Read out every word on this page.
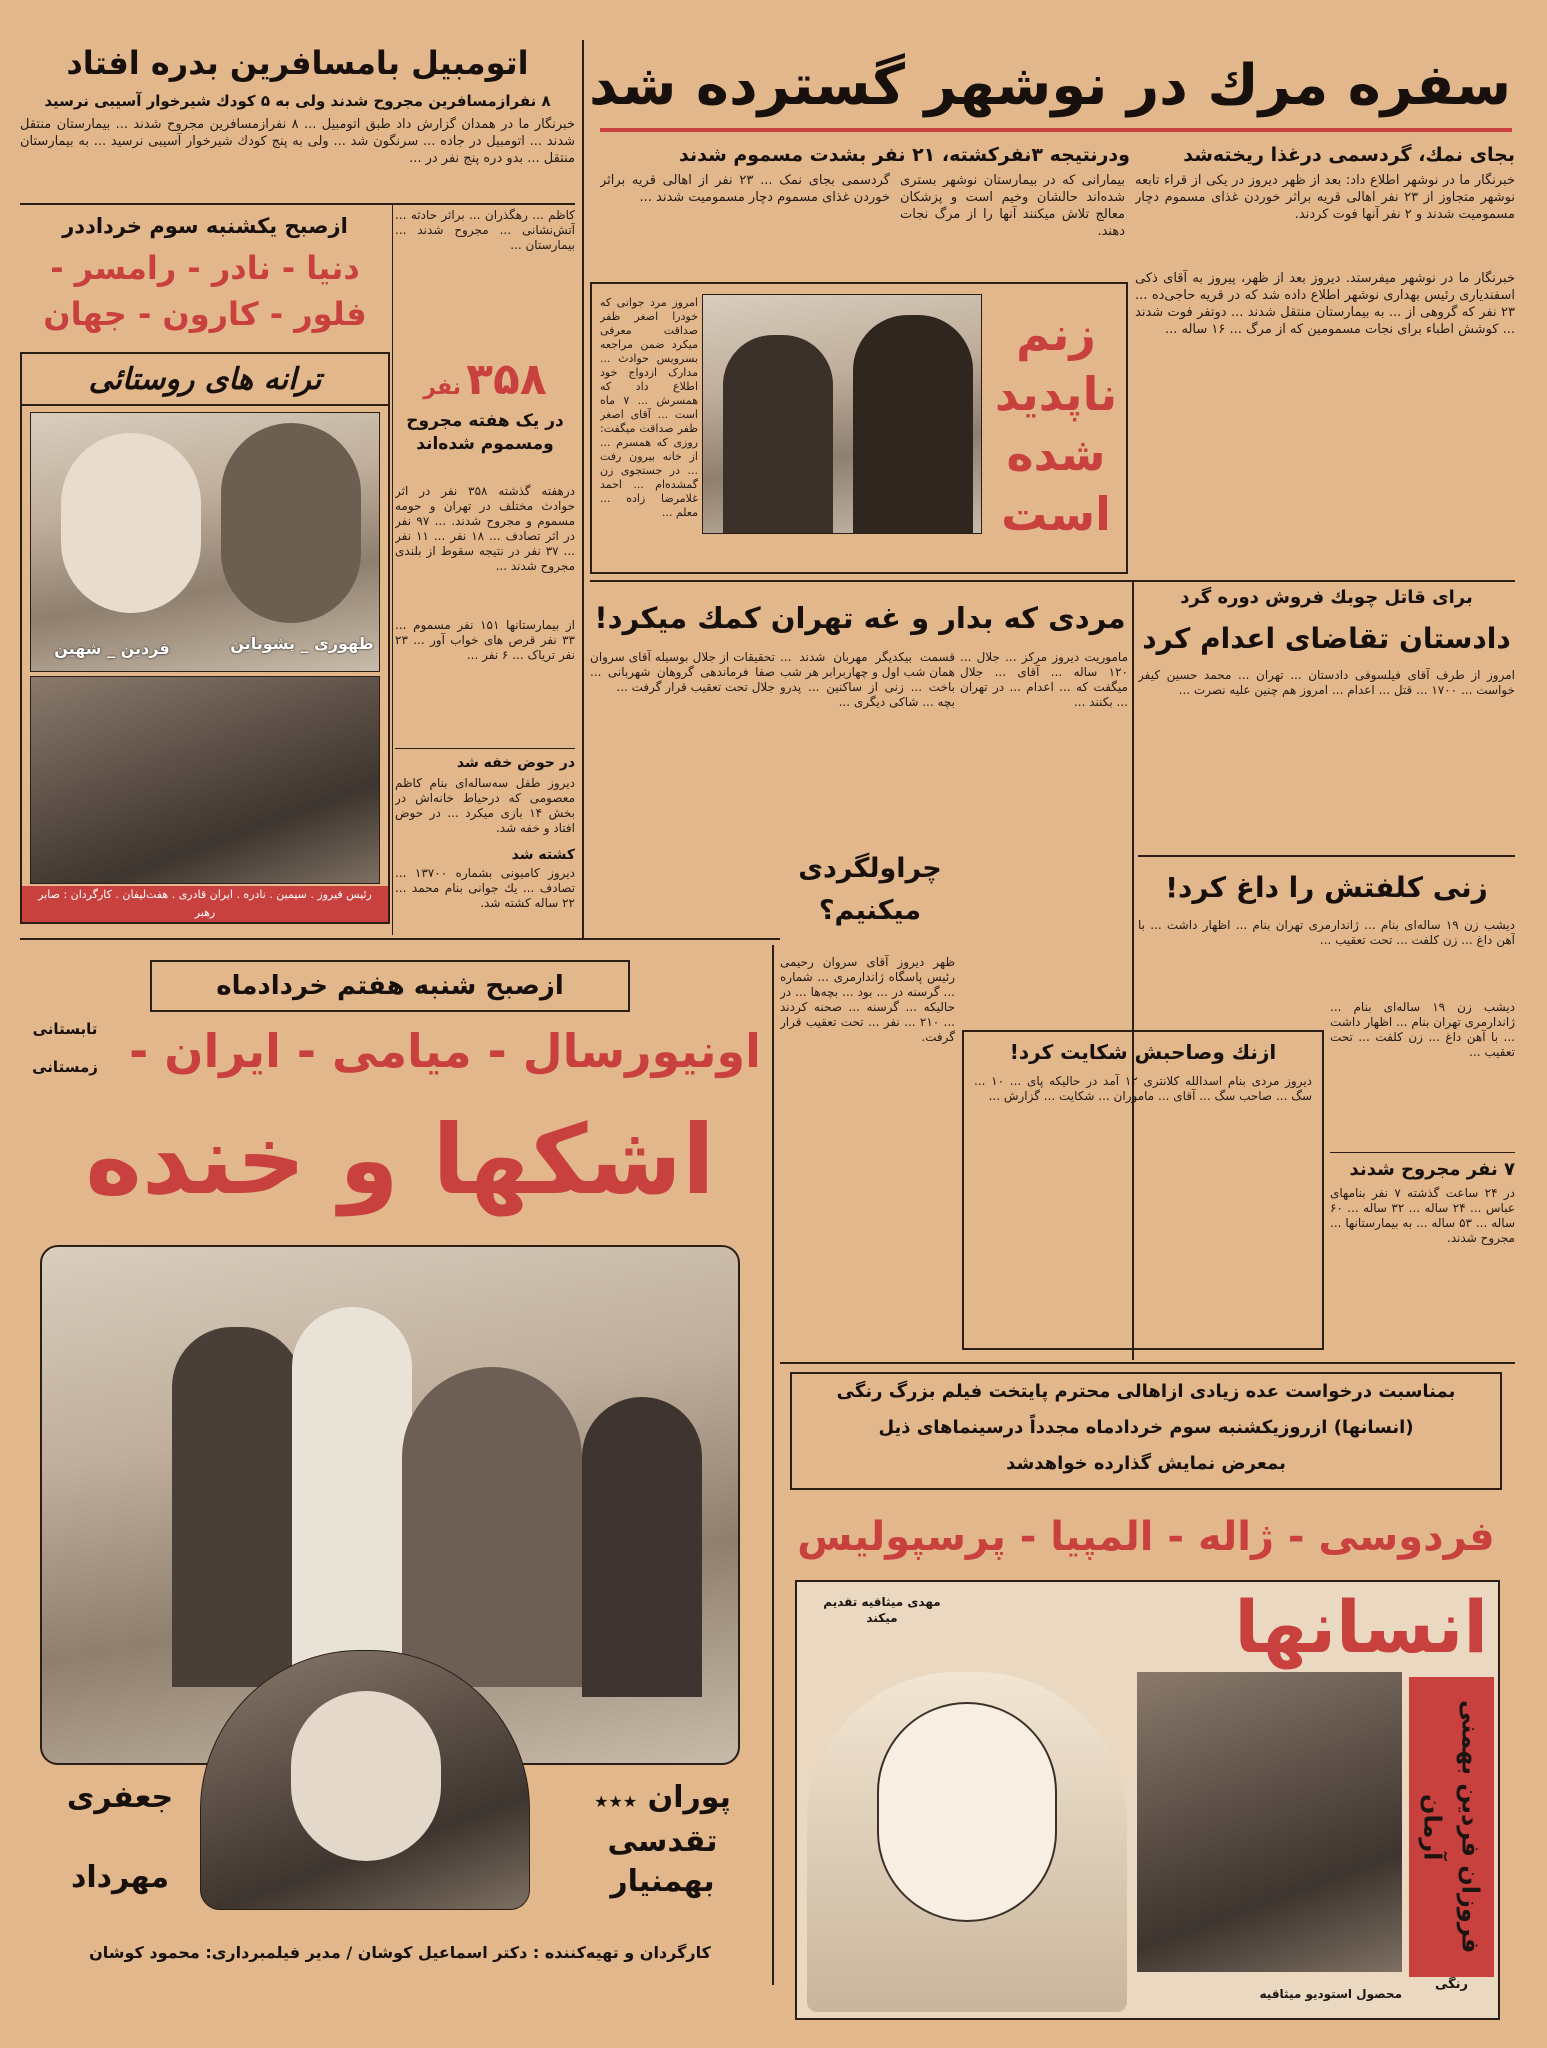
سفره مرك در نوشهر گسترده شد
بجای نمك، گردسمی درغذا ریخته‌شد
ودرنتیجه ۳نفرکشته، ۲۱ نفر بشدت مسموم شدند
خبرنگار ما در نوشهر اطلاع داد: بعد از ظهر دیروز در یکی از قراء تابعه نوشهر متجاوز از ۲۳ نفر اهالی قریه براثر خوردن غذای مسموم دچار مسمومیت شدند و ۲ نفر آنها فوت کردند.
بیمارانی که در بیمارستان نوشهر بستری شده‌اند حالشان وخیم است و پزشکان معالج تلاش میکنند آنها را از مرگ نجات دهند.
گردسمی بجای نمک ... ۲۳ نفر از اهالی قریه براثر خوردن غذای مسموم دچار مسمومیت شدند ...
خبرنگار ما در نوشهر میفرستد. دیروز بعد از ظهر، پیروز به آقای ذکی اسفندیاری رئیس بهداری نوشهر اطلاع داده شد که در قریه حاجی‌ده ... ۲۳ نفر که گروهی از ... به بیمارستان منتقل شدند ... دوتفر فوت شدند ... کوشش اطباء برای نجات مسمومین که از مرگ ... ۱۶ ساله ...
زنم ناپدید شده است
امروز مرد جوانی که خودرا اصغر ظفر صداقت معرفی میکرد ضمن مراجعه بسرویس حوادث ... مدارک ازدواج خود اطلاع داد که همسرش ... ۷ ماه است ... آقای اصغر ظفر صداقت میگفت: روزی که همسرم ... از خانه بیرون رفت ... در جستجوی زن گمشده‌ام ... احمد غلامرضا زاده ... معلم ...
اتومبیل بامسافرین بدره افتاد
۸ نفرازمسافرین مجروح شدند ولی به ۵ كودك شیرخوار آسیبی نرسید
خبرنگار ما در همدان گزارش داد طبق اتومبیل ... ۸ نفرازمسافرین مجروح شدند ... بیمارستان منتقل شدند ... اتومبیل در جاده ... سرنگون شد ... ولی به پنج كودك شیرخوار آسیبی نرسید ... به بیمارستان منتقل ... بدو دره پنج نفر در ...
ازصبح یکشنبه سوم خرداددر
دنیا - نادر - رامسر -
فلور - کارون - جهان
کاظم ... رهگذران ... براثر حادثه ... آتش‌نشانی ... مجروح شدند ... بیمارستان ...
ترانه های روستائی
فردین _ شهین	ظهوری _ پشوتاین
رئیس فیروز . سیمین . نادره . ایران قادری . هفت‌لیفان . کارگردان : صابر رهبر
۳۵۸ نفر
در یک هفته مجروح ومسموم شده‌اند
درهفته گذشته ۳۵۸ نفر در اثر حوادث مختلف در تهران و حومه مسموم و مجروح شدند. ... ۹۷ نفر در اثر تصادف ... ۱۸ نفر ... ۱۱ نفر ... ۳۷ نفر در نتیجه سقوط از بلندی مجروح شدند ...
از بیمارستانها ۱۵۱ نفر مسموم ... ۳۳ نفر قرص های خواب آور ... ۲۳ نفر تریاک ... ۶ نفر ...
در حوض خفه شد
دیروز طفل سه‌ساله‌ای بنام کاظم معصومی که درحیاط خانه‌اش در بخش ۱۴ بازی میکرد ... در حوض افتاد و خفه شد.
کشته شد
دیروز کامیونی بشماره ۱۳۷۰۰ ... تصادف ... یك جوانی بنام محمد ... ۲۲ ساله کشته شد.
مردی که بدار و غه تهران کمك میکرد!
ماموریت دیروز مرکز ... جلال ... ۱۲۰ ساله ... آقای ... جلال میگفت که ... اعدام ... در تهران ... بکنند ...
قسمت بیکدیگر مهربان شدند ... همان شب اول و چهاربرابر هر شب باخت ... زنی از ساکنین ... پدرو بچه ... شاکی دیگری ...
تحقیقات از جلال بوسیله آقای سروان صفا فرماندهی گروهان شهربانی ... جلال تحت تعقیب قرار گرفت ...
چراولگردی میکنیم؟
ظهر دیروز آقای سروان رحیمی رئیس پاسگاه ژاندارمری ... شماره ... گرسنه در ... بود ... بچه‌ها ... در حالیکه ... گرسنه ... صحنه کردند ... ۲۱۰ ... نفر ... تحت تعقیب قرار گرفت.
برای قاتل چوبك فروش دوره گرد
دادستان تقاضای اعدام کرد
امروز از طرف آقای فیلسوفی دادستان ... تهران ... محمد حسین کیفر خواست ... ۱۷۰۰ ... قتل ... اعدام ... امروز هم چنین علیه نصرت ...
زنی کلفتش را داغ کرد!
دیشب زن ۱۹ ساله‌ای بنام ... ژاندارمری تهران بنام ... اظهار داشت ... با آهن داغ ... زن کلفت ... تحت تعقیب ...
دیشب زن ۱۹ ساله‌ای بنام ... ژاندارمری تهران بنام ... اظهار داشت ... با آهن داغ ... زن کلفت ... تحت تعقیب ...
۷ نفر مجروح شدند
در ۲۴ ساعت گذشته ۷ نفر بنامهای عباس ... ۲۴ ساله ... ۳۲ ساله ... ۶۰ ساله ... ۵۳ ساله ... به بیمارستانها ... مجروح شدند.
ازنك وصاحبش شكایت كرد!
دیروز مردی بنام اسدالله کلانتری ۱۲ آمد در حالیکه پای ... ۱۰ ... سگ ... صاحب سگ ... آقای ... ماموران ... شکایت ... گزارش ...
ازصبح شنبه هفتم خردادماه
تابستانی
زمستانی	اونیورسال - میامی - ایران -
اشکها و خنده
پوران ★★★
تقدسی
بهمنیار
جعفری
مهرداد
کارگردان و تهیه‌کننده : دکتر اسماعیل کوشان / مدیر فیلمبرداری: محمود کوشان
بمناسبت درخواست عده زیادی ازاهالی محترم پایتخت فیلم بزرگ رنگی
(انسانها) ازروزیکشنبه سوم خردادماه مجدداً درسینماهای ذیل
بمعرض نمایش گذارده خواهدشد
فردوسی - ژاله - المپیا - پرسپولیس
انسانها
مهدی میثاقیه تقدیم میکند
فروزان فردین بهمنی آرمان
رنگی
محصول استودیو میثاقیه
